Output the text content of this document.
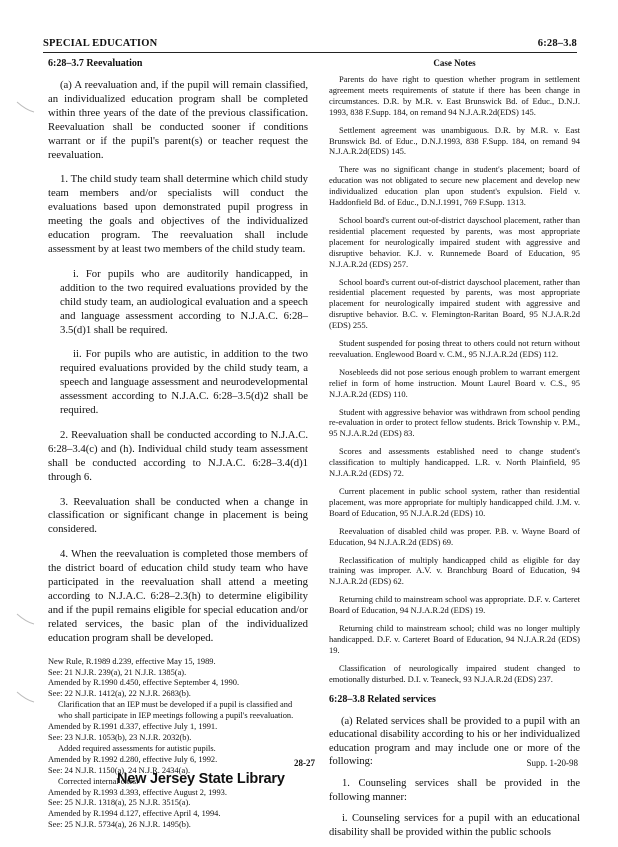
SPECIAL EDUCATION	6:28–3.8
6:28–3.7 Reevaluation

(a) A reevaluation and, if the pupil will remain classified, an individualized education program shall be completed within three years of the date of the previous classification. Reevaluation shall be conducted sooner if conditions warrant or if the pupil's parent(s) or teacher request the reevaluation.

1. The child study team shall determine which child study team members and/or specialists will conduct the evaluations based upon demonstrated pupil progress in meeting the goals and objectives of the individualized education program. The reevaluation shall include assessment by at least two members of the child study team.

i. For pupils who are auditorily handicapped, in addition to the two required evaluations provided by the child study team, an audiological evaluation and a speech and language assessment according to N.J.A.C. 6:28–3.5(d)1 shall be required.

ii. For pupils who are autistic, in addition to the two required evaluations provided by the child study team, a speech and language assessment and neurodevelopmental assessment according to N.J.A.C. 6:28–3.5(d)2 shall be required.

2. Reevaluation shall be conducted according to N.J.A.C. 6:28–3.4(c) and (h). Individual child study team assessment shall be conducted according to N.J.A.C. 6:28–3.4(d)1 through 6.

3. Reevaluation shall be conducted when a change in classification or significant change in placement is being considered.

4. When the reevaluation is completed those members of the district board of education child study team who have participated in the reevaluation shall attend a meeting according to N.J.A.C. 6:28–2.3(h) to determine eligibility and if the pupil remains eligible for special education and/or related services, the basic plan of the individualized education program shall be developed.

New Rule, R.1989 d.239, effective May 15, 1989.
See: 21 N.J.R. 239(a), 21 N.J.R. 1385(a).
Amended by R.1990 d.450, effective September 4, 1990.
See: 22 N.J.R. 1412(a), 22 N.J.R. 2683(b).
Clarification that an IEP must be developed if a pupil is classified and who shall participate in IEP meetings following a pupil's reevaluation.
Amended by R.1991 d.337, effective July 1, 1991.
See: 23 N.J.R. 1053(b), 23 N.J.R. 2032(b).
Added required assessments for autistic pupils.
Amended by R.1992 d.280, effective July 6, 1992.
See: 24 N.J.R. 1150(a), 24 N.J.R. 2434(a).
Corrected internal cites.
Amended by R.1993 d.393, effective August 2, 1993.
See: 25 N.J.R. 1318(a), 25 N.J.R. 3515(a).
Amended by R.1994 d.127, effective April 4, 1994.
See: 25 N.J.R. 5734(a), 26 N.J.R. 1495(b).
Case Notes

Parents do have right to question whether program in settlement agreement meets requirements of statute if there has been change in circumstances. D.R. by M.R. v. East Brunswick Bd. of Educ., D.N.J. 1993, 838 F.Supp. 184, on remand 94 N.J.A.R.2d(EDS) 145.

Settlement agreement was unambiguous. D.R. by M.R. v. East Brunswick Bd. of Educ., D.N.J.1993, 838 F.Supp. 184, on remand 94 N.J.A.R.2d(EDS) 145.

There was no significant change in student's placement; board of education was not obligated to secure new placement and develop new individualized education plan upon student's expulsion. Field v. Haddonfield Bd. of Educ., D.N.J.1991, 769 F.Supp. 1313.

School board's current out-of-district dayschool placement, rather than residential placement requested by parents, was most appropriate placement for neurologically impaired student with aggressive and disruptive behavior. K.J. v. Runnemede Board of Education, 95 N.J.A.R.2d (EDS) 257.

School board's current out-of-district dayschool placement, rather than residential placement requested by parents, was most appropriate placement for neurologically impaired student with aggressive and disruptive behavior. B.C. v. Flemington-Raritan Board, 95 N.J.A.R.2d (EDS) 255.

Student suspended for posing threat to others could not return without reevaluation. Englewood Board v. C.M., 95 N.J.A.R.2d (EDS) 112.

Nosebleeds did not pose serious enough problem to warrant emergent relief in form of home instruction. Mount Laurel Board v. C.S., 95 N.J.A.R.2d (EDS) 110.

Student with aggressive behavior was withdrawn from school pending re-evaluation in order to protect fellow students. Brick Township v. P.M., 95 N.J.A.R.2d (EDS) 83.

Scores and assessments established need to change student's classification to multiply handicapped. L.R. v. North Plainfield, 95 N.J.A.R.2d (EDS) 72.

Current placement in public school system, rather than residential placement, was more appropriate for multiply handicapped child. J.M. v. Board of Education, 95 N.J.A.R.2d (EDS) 10.

Reevaluation of disabled child was proper. P.B. v. Wayne Board of Education, 94 N.J.A.R.2d (EDS) 69.

Reclassification of multiply handicapped child as eligible for day training was improper. A.V. v. Branchburg Board of Education, 94 N.J.A.R.2d (EDS) 62.

Returning child to mainstream school was appropriate. D.F. v. Carteret Board of Education, 94 N.J.A.R.2d (EDS) 19.

Returning child to mainstream school; child was no longer multiply handicapped. D.F. v. Carteret Board of Education, 94 N.J.A.R.2d (EDS) 19.

Classification of neurologically impaired student changed to emotionally disturbed. D.I. v. Teaneck, 93 N.J.A.R.2d (EDS) 237.

6:28–3.8 Related services

(a) Related services shall be provided to a pupil with an educational disability according to his or her individualized education program and may include one or more of the following:

1. Counseling services shall be provided in the following manner:

i. Counseling services for a pupil with an educational disability shall be provided within the public schools

28-27	Supp. 1-20-98
New Jersey State Library
